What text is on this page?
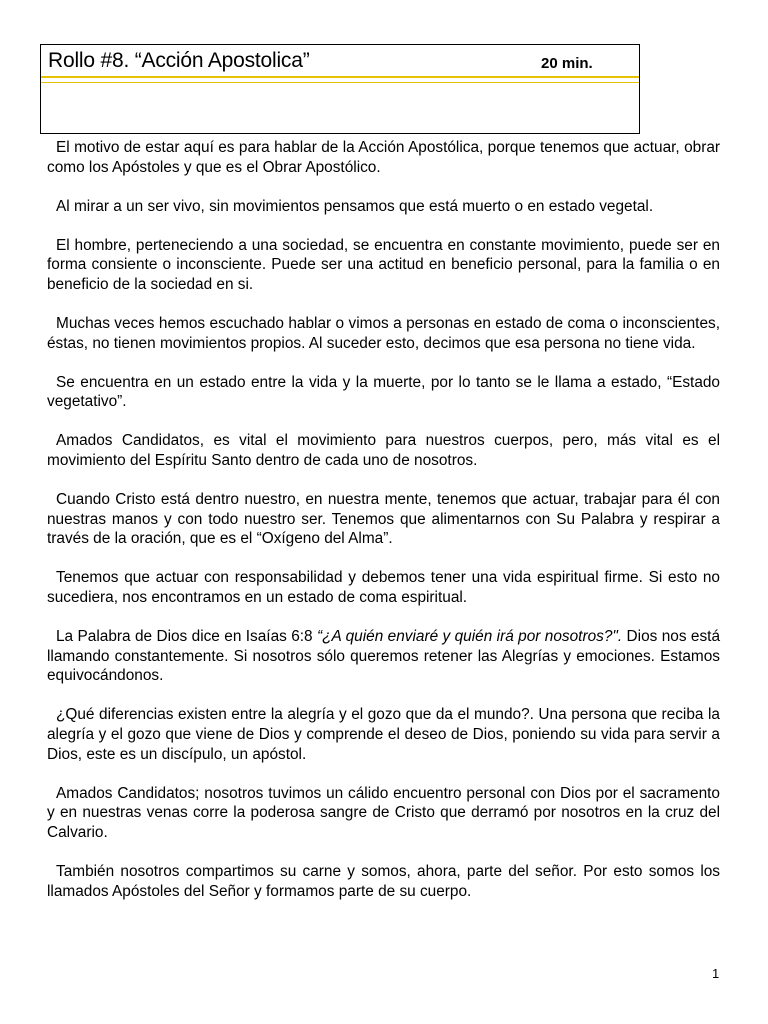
Rollo #8. “Acción Apostolica”	20 min.

El motivo de estar aquí es para hablar de la Acción Apostólica, porque tenemos que actuar, obrar como los Apóstoles y que es el Obrar Apostólico.

Al mirar a un ser vivo, sin movimientos pensamos que está muerto o en estado vegetal.

El hombre, perteneciendo a una sociedad, se encuentra en constante movimiento, puede ser en forma consiente o inconsciente. Puede ser una actitud en beneficio personal, para la familia o en beneficio de la sociedad en si.

Muchas veces hemos escuchado hablar o vimos a personas en estado de coma o inconscientes, éstas, no tienen movimientos propios. Al suceder esto, decimos que esa persona no tiene vida.

Se encuentra en un estado entre la vida y la muerte, por lo tanto se le llama a estado, “Estado vegetativo”.

Amados Candidatos, es vital el movimiento para nuestros cuerpos, pero, más vital es el movimiento del Espíritu Santo dentro de cada uno de nosotros.

Cuando Cristo está dentro nuestro, en nuestra mente, tenemos que actuar, trabajar para él con nuestras manos y con todo nuestro ser. Tenemos que alimentarnos con Su Palabra y respirar a través de la oración, que es el “Oxígeno del Alma”.

Tenemos que actuar con responsabilidad y debemos tener una vida espiritual firme. Si esto no sucediera, nos encontramos en un estado de coma espiritual.

La Palabra de Dios dice en Isaías 6:8 “¿A quién enviaré y quién irá por nosotros?". Dios nos está llamando constantemente. Si nosotros sólo queremos retener las Alegrías y emociones. Estamos equivocándonos.

¿Qué diferencias existen entre la alegría y el gozo que da el mundo?. Una persona que reciba la alegría y el gozo que viene de Dios y comprende el deseo de Dios, poniendo su vida para servir a Dios, este es un discípulo, un apóstol.

Amados Candidatos; nosotros tuvimos un cálido encuentro personal con Dios por el sacramento y en nuestras venas corre la poderosa sangre de Cristo que derramó por nosotros en la cruz del Calvario.

También nosotros compartimos su carne y somos, ahora, parte del señor. Por esto somos los llamados Apóstoles del Señor y formamos parte de su cuerpo.

1
